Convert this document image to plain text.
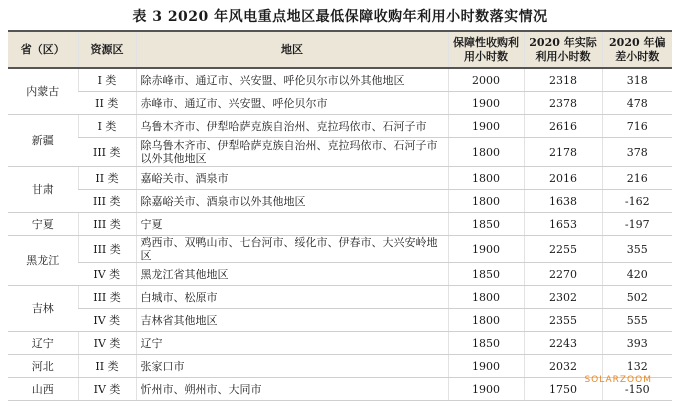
表 3 2020 年风电重点地区最低保障收购年利用小时数落实情况
省（区）	资源区	地区	保障性收购利用小时数	2020 年实际利用小时数	2020 年偏差小时数
内蒙古	I 类	除赤峰市、通辽市、兴安盟、呼伦贝尔市以外其他地区	2000	2318	318
	II 类	赤峰市、通辽市、兴安盟、呼伦贝尔市	1900	2378	478
新疆	I 类	乌鲁木齐市、伊犁哈萨克族自治州、克拉玛依市、石河子市	1900	2616	716
	III 类	除乌鲁木齐市、伊犁哈萨克族自治州、克拉玛依市、石河子市以外其他地区	1800	2178	378
甘肃	II 类	嘉峪关市、酒泉市	1800	2016	216
	III 类	除嘉峪关市、酒泉市以外其他地区	1800	1638	-162
宁夏	III 类	宁夏	1850	1653	-197
黑龙江	III 类	鸡西市、双鸭山市、七台河市、绥化市、伊春市、大兴安岭地区	1900	2255	355
	IV 类	黑龙江省其他地区	1850	2270	420
吉林	III 类	白城市、松原市	1800	2302	502
	IV 类	吉林省其他地区	1800	2355	555
辽宁	IV 类	辽宁	1850	2243	393
河北	II 类	张家口市	1900	2032	132
山西	IV 类	忻州市、朔州市、大同市	1900	1750	-150
SOLARZOOM
